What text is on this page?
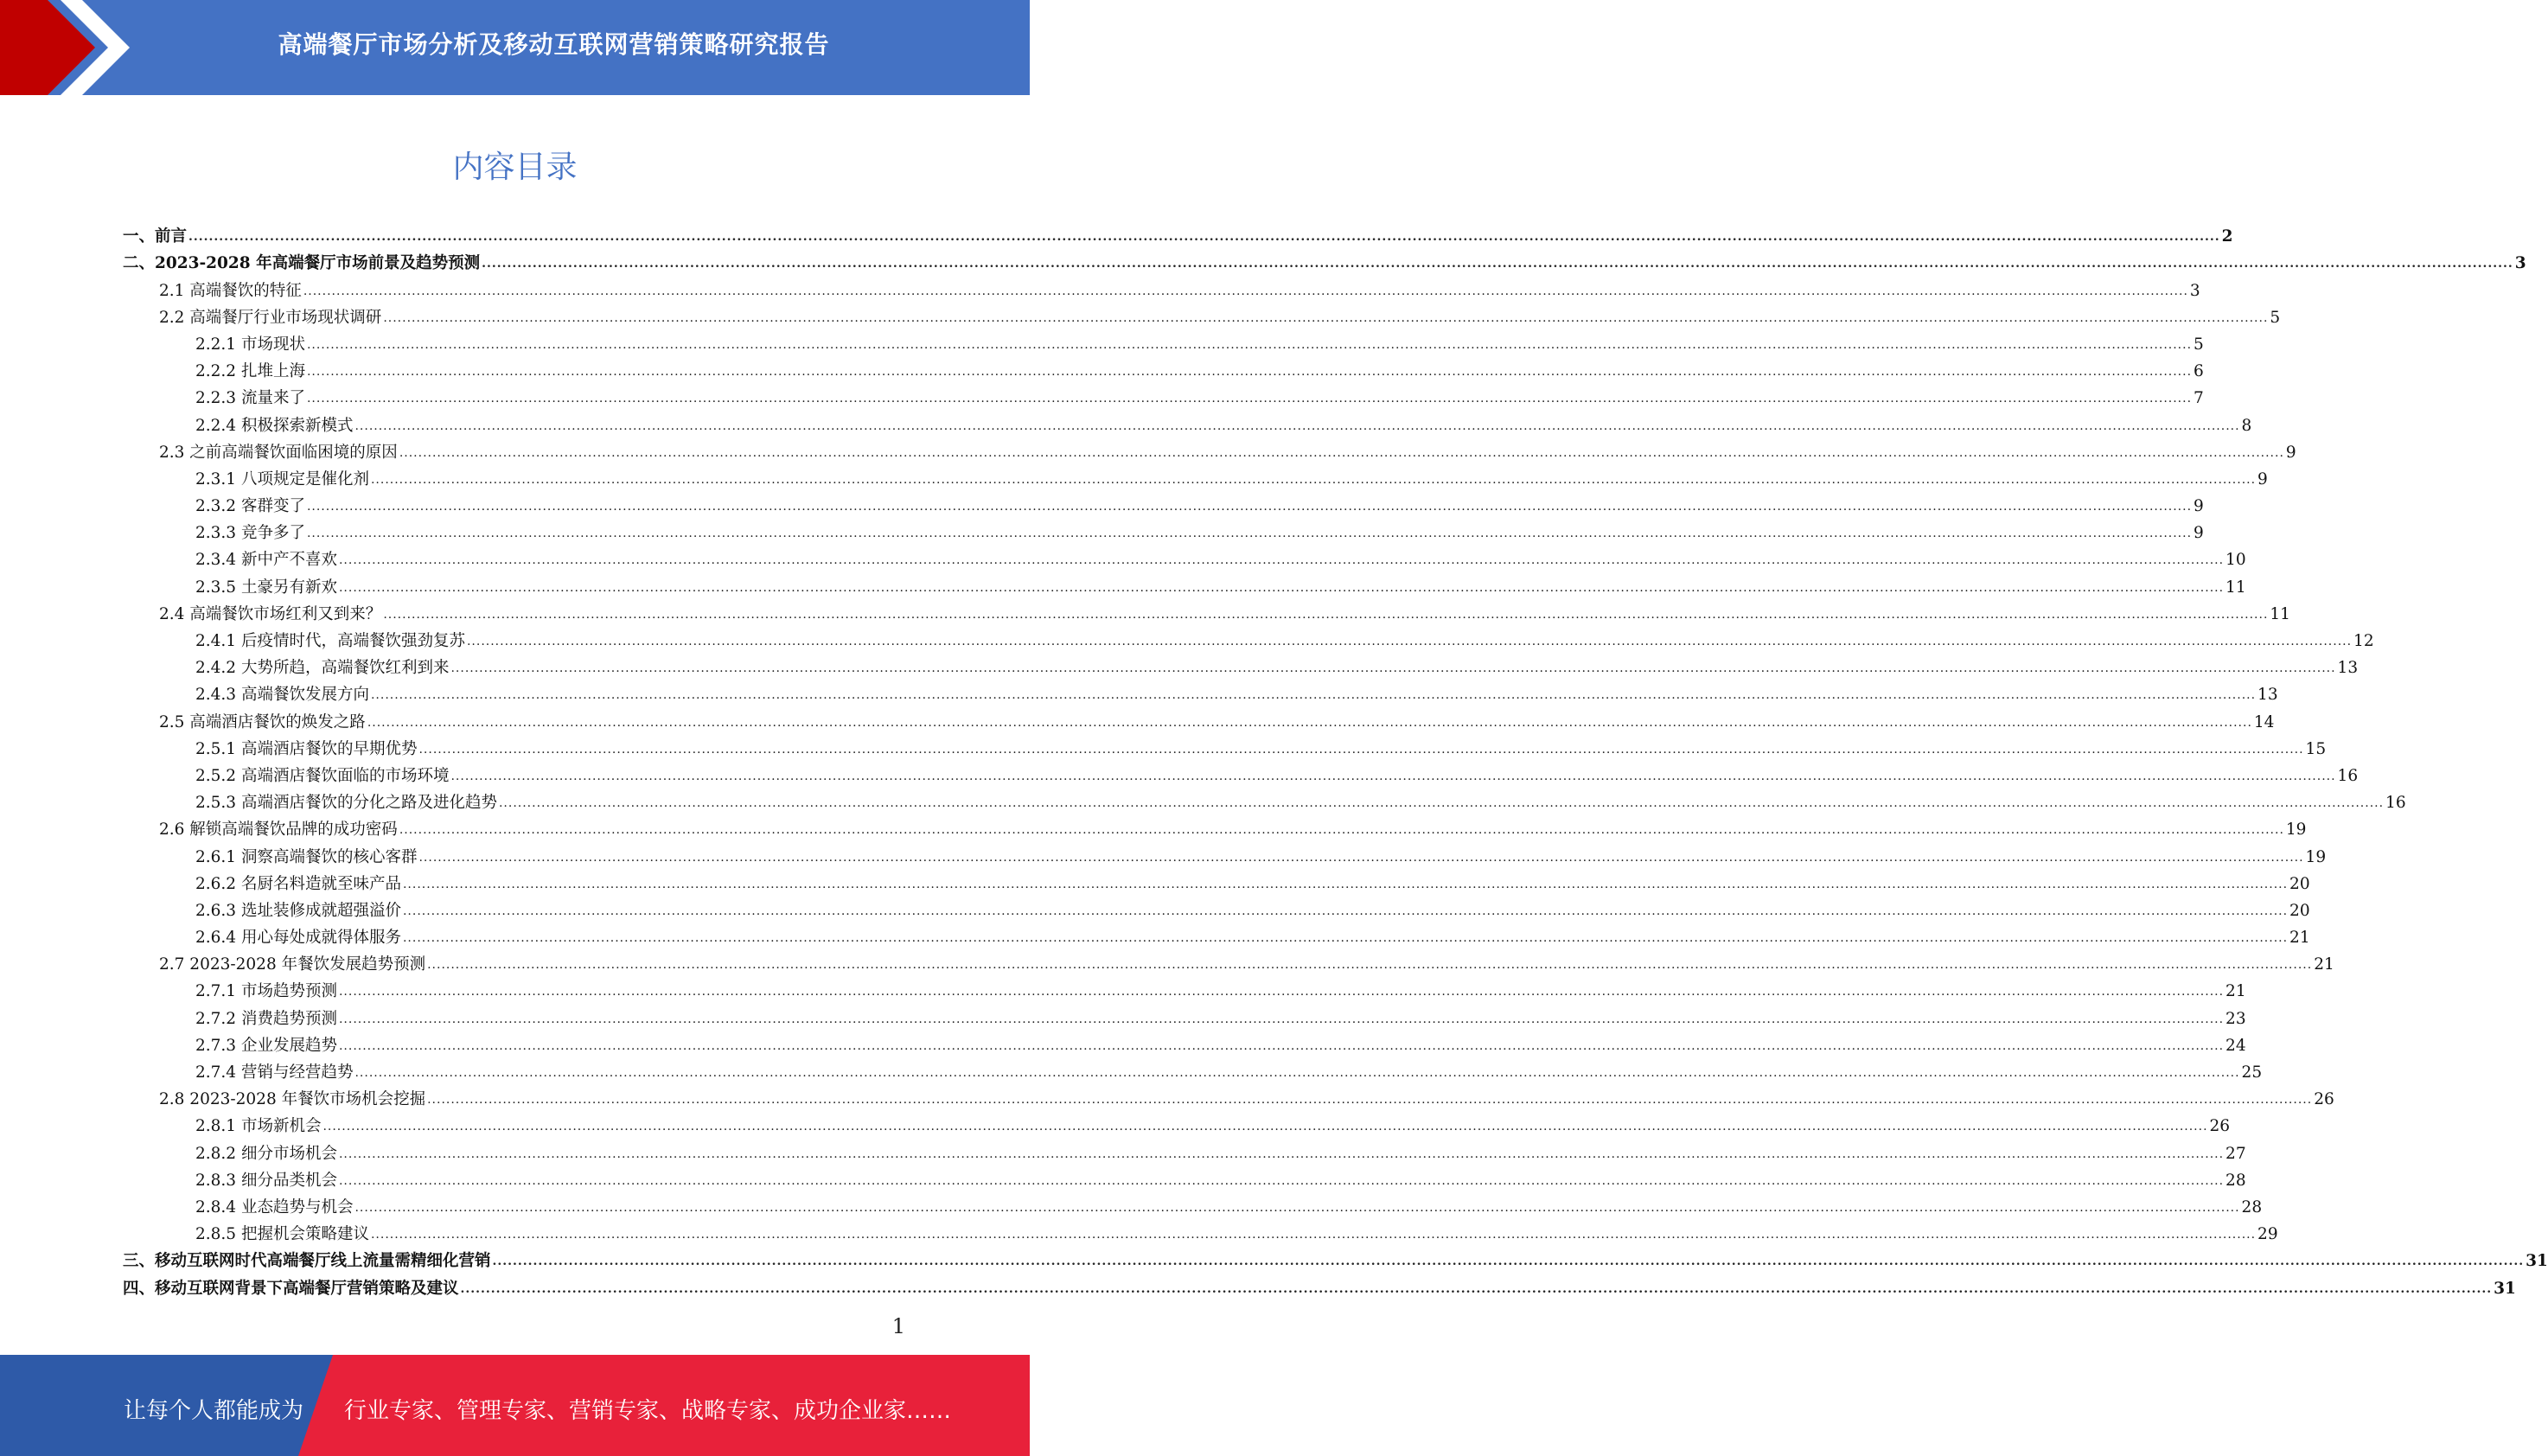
高端餐厅市场分析及移动互联网营销策略研究报告
内容目录
一、前言 ................................................................................................................................................................................................................................................................................................................................................................................................................ 2
二、2023-2028 年高端餐厅市场前景及趋势预测 ................................................................................................................................................................................................................................................................................................................................................................................................................ 3
2.1 高端餐饮的特征 ................................................................................................................................................................................................................................................................................................................................................................................................................ 3
2.2 高端餐厅行业市场现状调研 ................................................................................................................................................................................................................................................................................................................................................................................................................ 5
2.2.1 市场现状 ................................................................................................................................................................................................................................................................................................................................................................................................................ 5
2.2.2 扎堆上海 ................................................................................................................................................................................................................................................................................................................................................................................................................ 6
2.2.3 流量来了 ................................................................................................................................................................................................................................................................................................................................................................................................................ 7
2.2.4 积极探索新模式 ................................................................................................................................................................................................................................................................................................................................................................................................................ 8
2.3 之前高端餐饮面临困境的原因 ................................................................................................................................................................................................................................................................................................................................................................................................................ 9
2.3.1 八项规定是催化剂 ................................................................................................................................................................................................................................................................................................................................................................................................................ 9
2.3.2 客群变了 ................................................................................................................................................................................................................................................................................................................................................................................................................ 9
2.3.3 竞争多了 ................................................................................................................................................................................................................................................................................................................................................................................................................ 9
2.3.4 新中产不喜欢 ................................................................................................................................................................................................................................................................................................................................................................................................................ 10
2.3.5 土豪另有新欢 ................................................................................................................................................................................................................................................................................................................................................................................................................ 11
2.4 高端餐饮市场红利又到来？ ................................................................................................................................................................................................................................................................................................................................................................................................................ 11
2.4.1 后疫情时代，高端餐饮强劲复苏 ................................................................................................................................................................................................................................................................................................................................................................................................................ 12
2.4.2 大势所趋，高端餐饮红利到来 ................................................................................................................................................................................................................................................................................................................................................................................................................ 13
2.4.3 高端餐饮发展方向 ................................................................................................................................................................................................................................................................................................................................................................................................................ 13
2.5 高端酒店餐饮的焕发之路 ................................................................................................................................................................................................................................................................................................................................................................................................................ 14
2.5.1 高端酒店餐饮的早期优势 ................................................................................................................................................................................................................................................................................................................................................................................................................ 15
2.5.2 高端酒店餐饮面临的市场环境 ................................................................................................................................................................................................................................................................................................................................................................................................................ 16
2.5.3 高端酒店餐饮的分化之路及进化趋势 ................................................................................................................................................................................................................................................................................................................................................................................................................ 16
2.6 解锁高端餐饮品牌的成功密码 ................................................................................................................................................................................................................................................................................................................................................................................................................ 19
2.6.1 洞察高端餐饮的核心客群 ................................................................................................................................................................................................................................................................................................................................................................................................................ 19
2.6.2 名厨名料造就至味产品 ................................................................................................................................................................................................................................................................................................................................................................................................................ 20
2.6.3 选址装修成就超强溢价 ................................................................................................................................................................................................................................................................................................................................................................................................................ 20
2.6.4 用心每处成就得体服务 ................................................................................................................................................................................................................................................................................................................................................................................................................ 21
2.7 2023-2028 年餐饮发展趋势预测 ................................................................................................................................................................................................................................................................................................................................................................................................................ 21
2.7.1 市场趋势预测 ................................................................................................................................................................................................................................................................................................................................................................................................................ 21
2.7.2 消费趋势预测 ................................................................................................................................................................................................................................................................................................................................................................................................................ 23
2.7.3 企业发展趋势 ................................................................................................................................................................................................................................................................................................................................................................................................................ 24
2.7.4 营销与经营趋势 ................................................................................................................................................................................................................................................................................................................................................................................................................ 25
2.8 2023-2028 年餐饮市场机会挖掘 ................................................................................................................................................................................................................................................................................................................................................................................................................ 26
2.8.1 市场新机会 ................................................................................................................................................................................................................................................................................................................................................................................................................ 26
2.8.2 细分市场机会 ................................................................................................................................................................................................................................................................................................................................................................................................................ 27
2.8.3 细分品类机会 ................................................................................................................................................................................................................................................................................................................................................................................................................ 28
2.8.4 业态趋势与机会 ................................................................................................................................................................................................................................................................................................................................................................................................................ 28
2.8.5 把握机会策略建议 ................................................................................................................................................................................................................................................................................................................................................................................................................ 29
三、移动互联网时代高端餐厅线上流量需精细化营销 ................................................................................................................................................................................................................................................................................................................................................................................................................ 31
四、移动互联网背景下高端餐厅营销策略及建议 ................................................................................................................................................................................................................................................................................................................................................................................................................ 31
1
让每个人都能成为 行业专家、管理专家、营销专家、战略专家、成功企业家……
